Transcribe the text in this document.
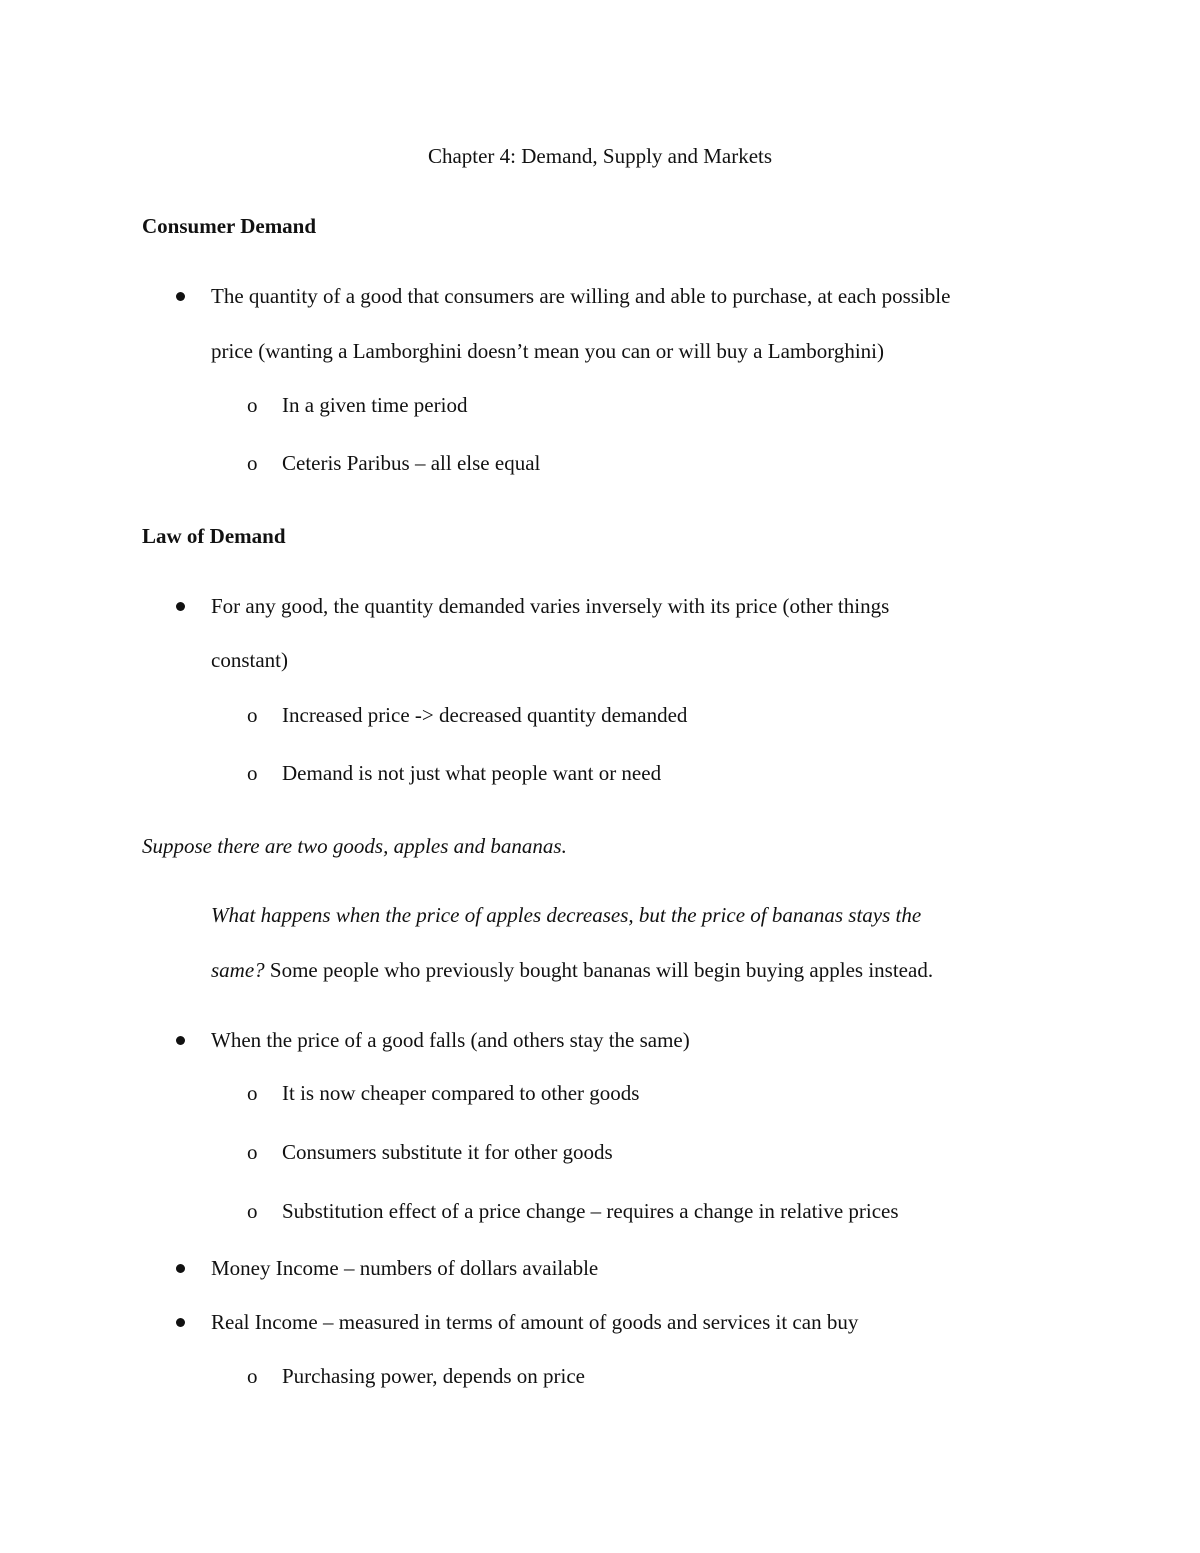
Chapter 4: Demand, Supply and Markets
Consumer Demand
The quantity of a good that consumers are willing and able to purchase, at each possible
price (wanting a Lamborghini doesn’t mean you can or will buy a Lamborghini)
o In a given time period
o Ceteris Paribus – all else equal
Law of Demand
For any good, the quantity demanded varies inversely with its price (other things
constant)
o Increased price -> decreased quantity demanded
o Demand is not just what people want or need
Suppose there are two goods, apples and bananas.
What happens when the price of apples decreases, but the price of bananas stays the
same? Some people who previously bought bananas will begin buying apples instead.
When the price of a good falls (and others stay the same)
o It is now cheaper compared to other goods
o Consumers substitute it for other goods
o Substitution effect of a price change – requires a change in relative prices
Money Income – numbers of dollars available
Real Income – measured in terms of amount of goods and services it can buy
o Purchasing power, depends on price
